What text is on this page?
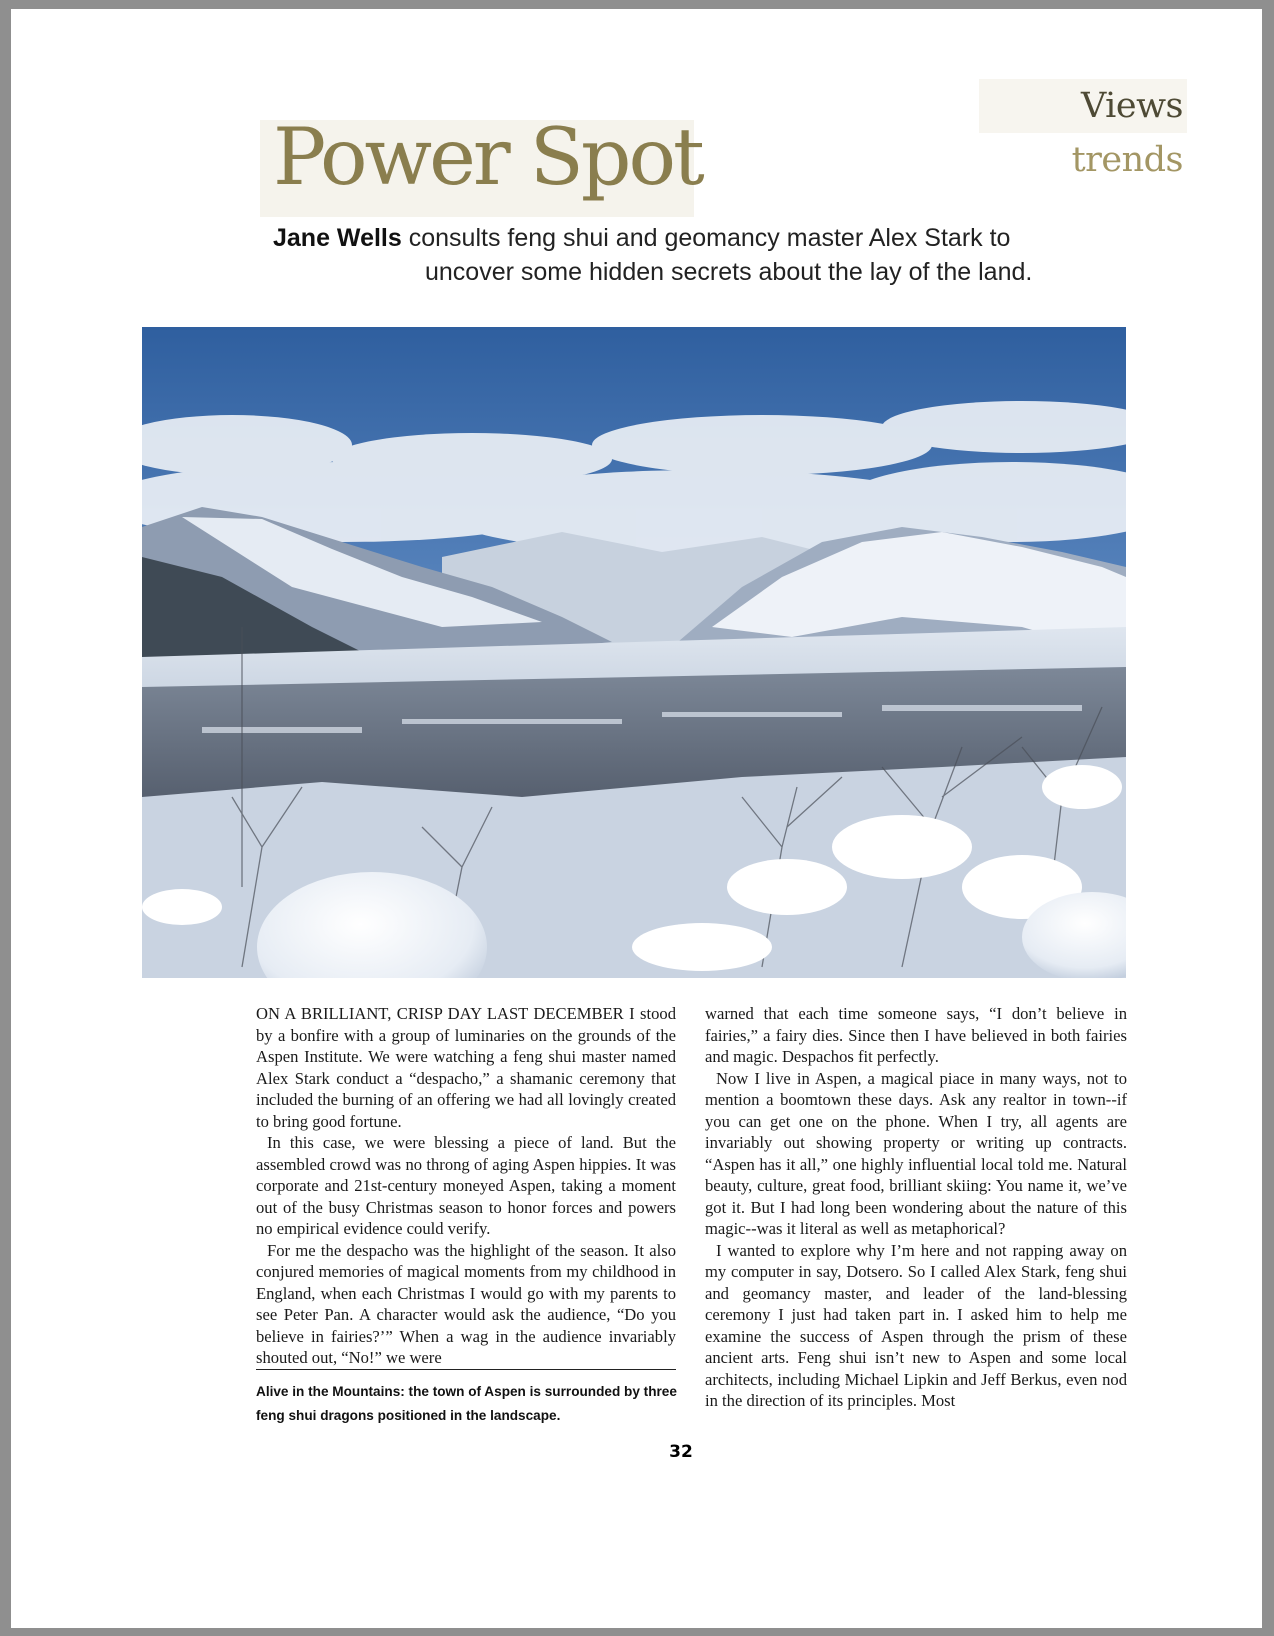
Views trends
Power Spot
Jane Wells consults feng shui and geomancy master Alex Stark to
uncover some hidden secrets about the lay of the land.

ON A BRILLIANT, CRISP DAY LAST DECEMBER I stood by a bonfire with a group of luminaries on the grounds of the Aspen Institute. We were watching a feng shui master named Alex Stark conduct a “despacho,” a shamanic ceremony that included the burning of an offering we had all lovingly created to bring good fortune.

In this case, we were blessing a piece of land. But the assembled crowd was no throng of aging Aspen hippies. It was corporate and 21st-century moneyed Aspen, taking a moment out of the busy Christmas season to honor forces and powers no empirical evidence could verify.

For me the despacho was the highlight of the season. It also conjured memories of magical moments from my childhood in England, when each Christmas I would go with my parents to see Peter Pan. A character would ask the audience, “Do you believe in fairies?’” When a wag in the audience invariably shouted out, “No!” we were

warned that each time someone says, “I don’t believe in fairies,” a fairy dies. Since then I have believed in both fairies and magic. Despachos fit perfectly.

Now I live in Aspen, a magical piace in many ways, not to mention a boomtown these days. Ask any realtor in town--if you can get one on the phone. When I try, all agents are invariably out showing property or writing up contracts. “Aspen has it all,” one highly influential local told me. Natural beauty, culture, great food, brilliant skiing: You name it, we’ve got it. But I had long been wondering about the nature of this magic--was it literal as well as metaphorical?

I wanted to explore why I’m here and not rapping away on my computer in say, Dotsero. So I called Alex Stark, feng shui and geomancy master, and leader of the land-blessing ceremony I just had taken part in. I asked him to help me examine the success of Aspen through the prism of these ancient arts. Feng shui isn’t new to Aspen and some local architects, including Michael Lipkin and Jeff Berkus, even nod in the direction of its principles. Most

Alive in the Mountains: the town of Aspen is surrounded by three feng shui dragons positioned in the landscape.
32
